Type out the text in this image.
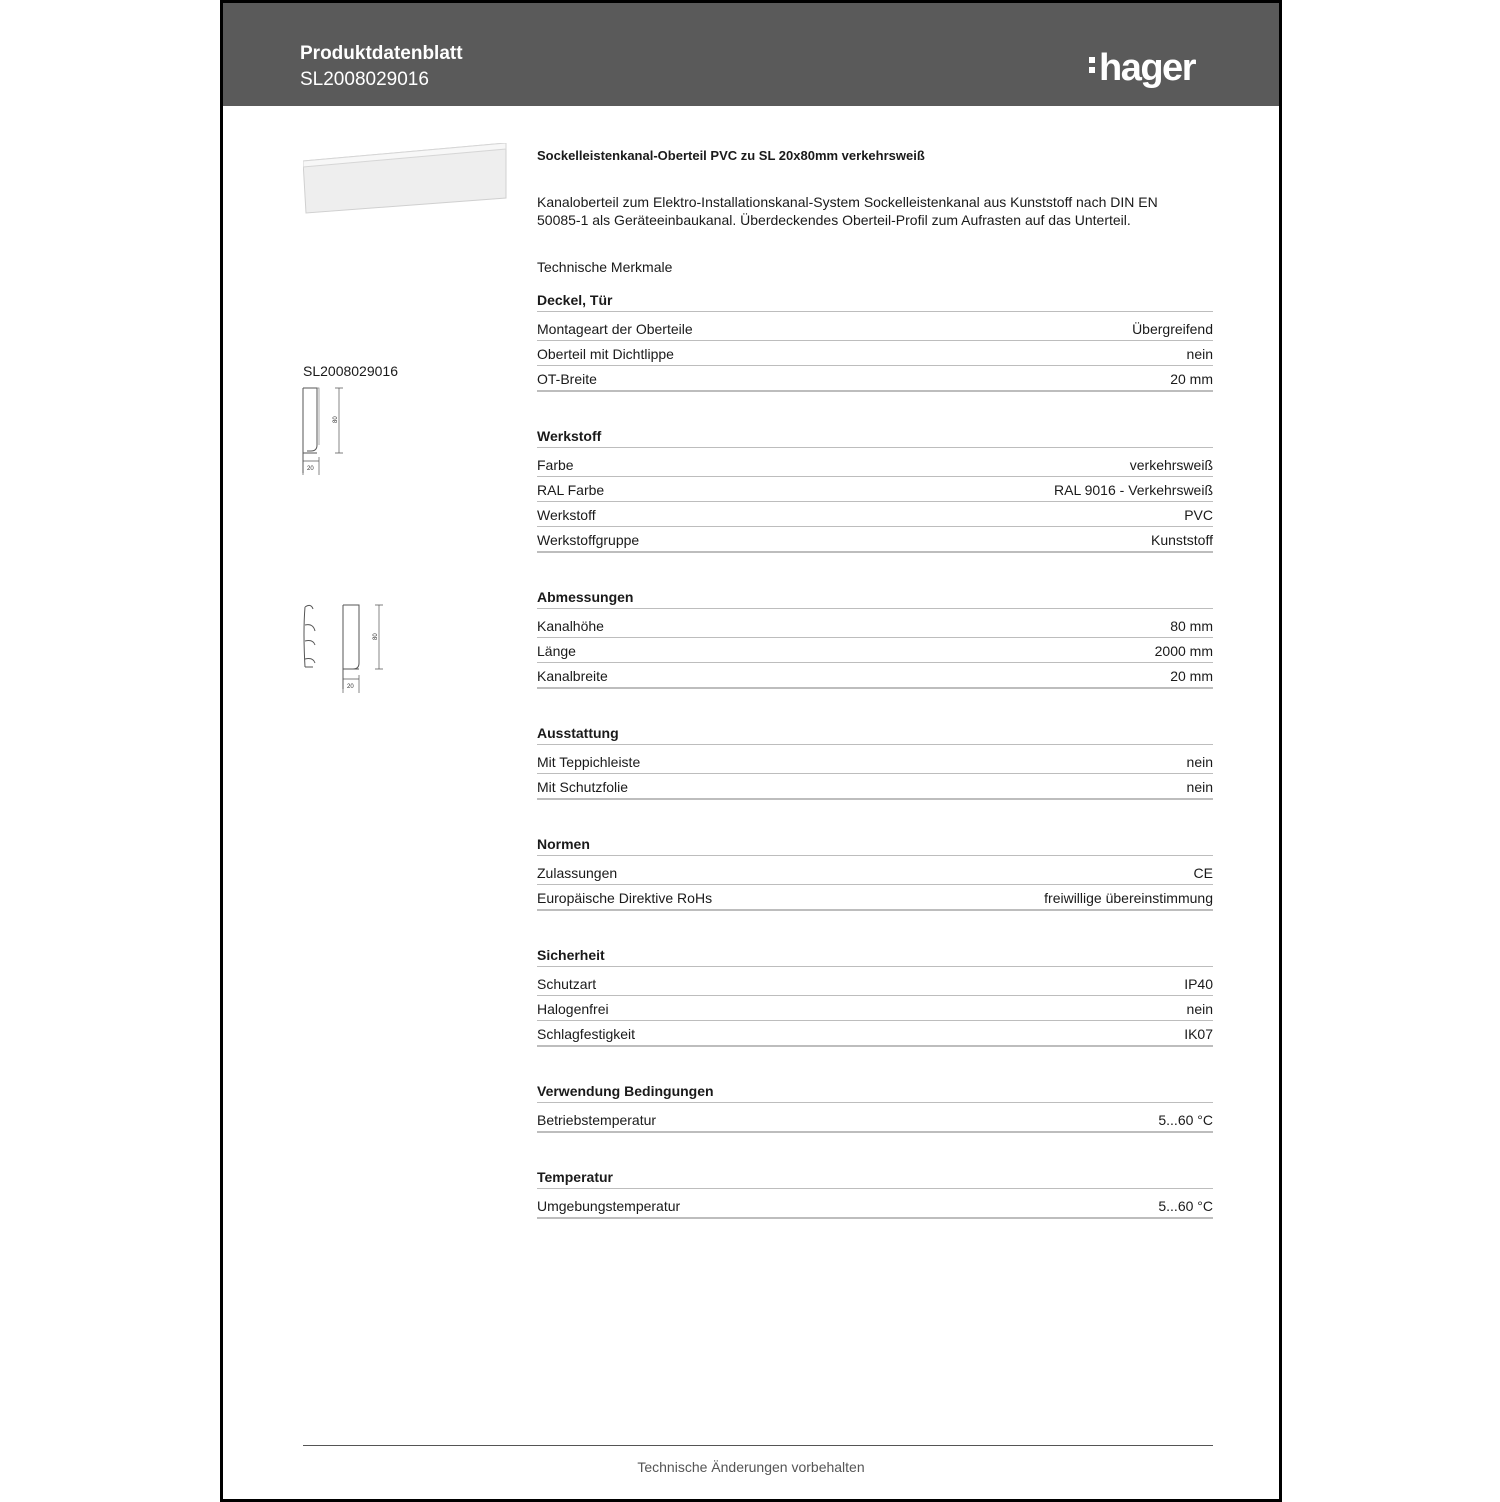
Produktdatenblatt
SL2008029016	hager
SL2008029016
80
20
80
20
Sockelleistenkanal-Oberteil PVC zu SL 20x80mm verkehrsweiß
Kanaloberteil zum Elektro-Installationskanal-System Sockelleistenkanal aus Kunststoff nach DIN EN 50085-1 als Geräteeinbaukanal. Überdeckendes Oberteil-Profil zum Aufrasten auf das Unterteil.
Technische Merkmale
Deckel, Tür
Montageart der Oberteile	Übergreifend
Oberteil mit Dichtlippe	nein
OT-Breite	20 mm
Werkstoff
Farbe	verkehrsweiß
RAL Farbe	RAL 9016 - Verkehrsweiß
Werkstoff	PVC
Werkstoffgruppe	Kunststoff
Abmessungen
Kanalhöhe	80 mm
Länge	2000 mm
Kanalbreite	20 mm
Ausstattung
Mit Teppichleiste	nein
Mit Schutzfolie	nein
Normen
Zulassungen	CE
Europäische Direktive RoHs	freiwillige übereinstimmung
Sicherheit
Schutzart	IP40
Halogenfrei	nein
Schlagfestigkeit	IK07
Verwendung Bedingungen
Betriebstemperatur	5...60 °C
Temperatur
Umgebungstemperatur	5...60 °C
Technische Änderungen vorbehalten
